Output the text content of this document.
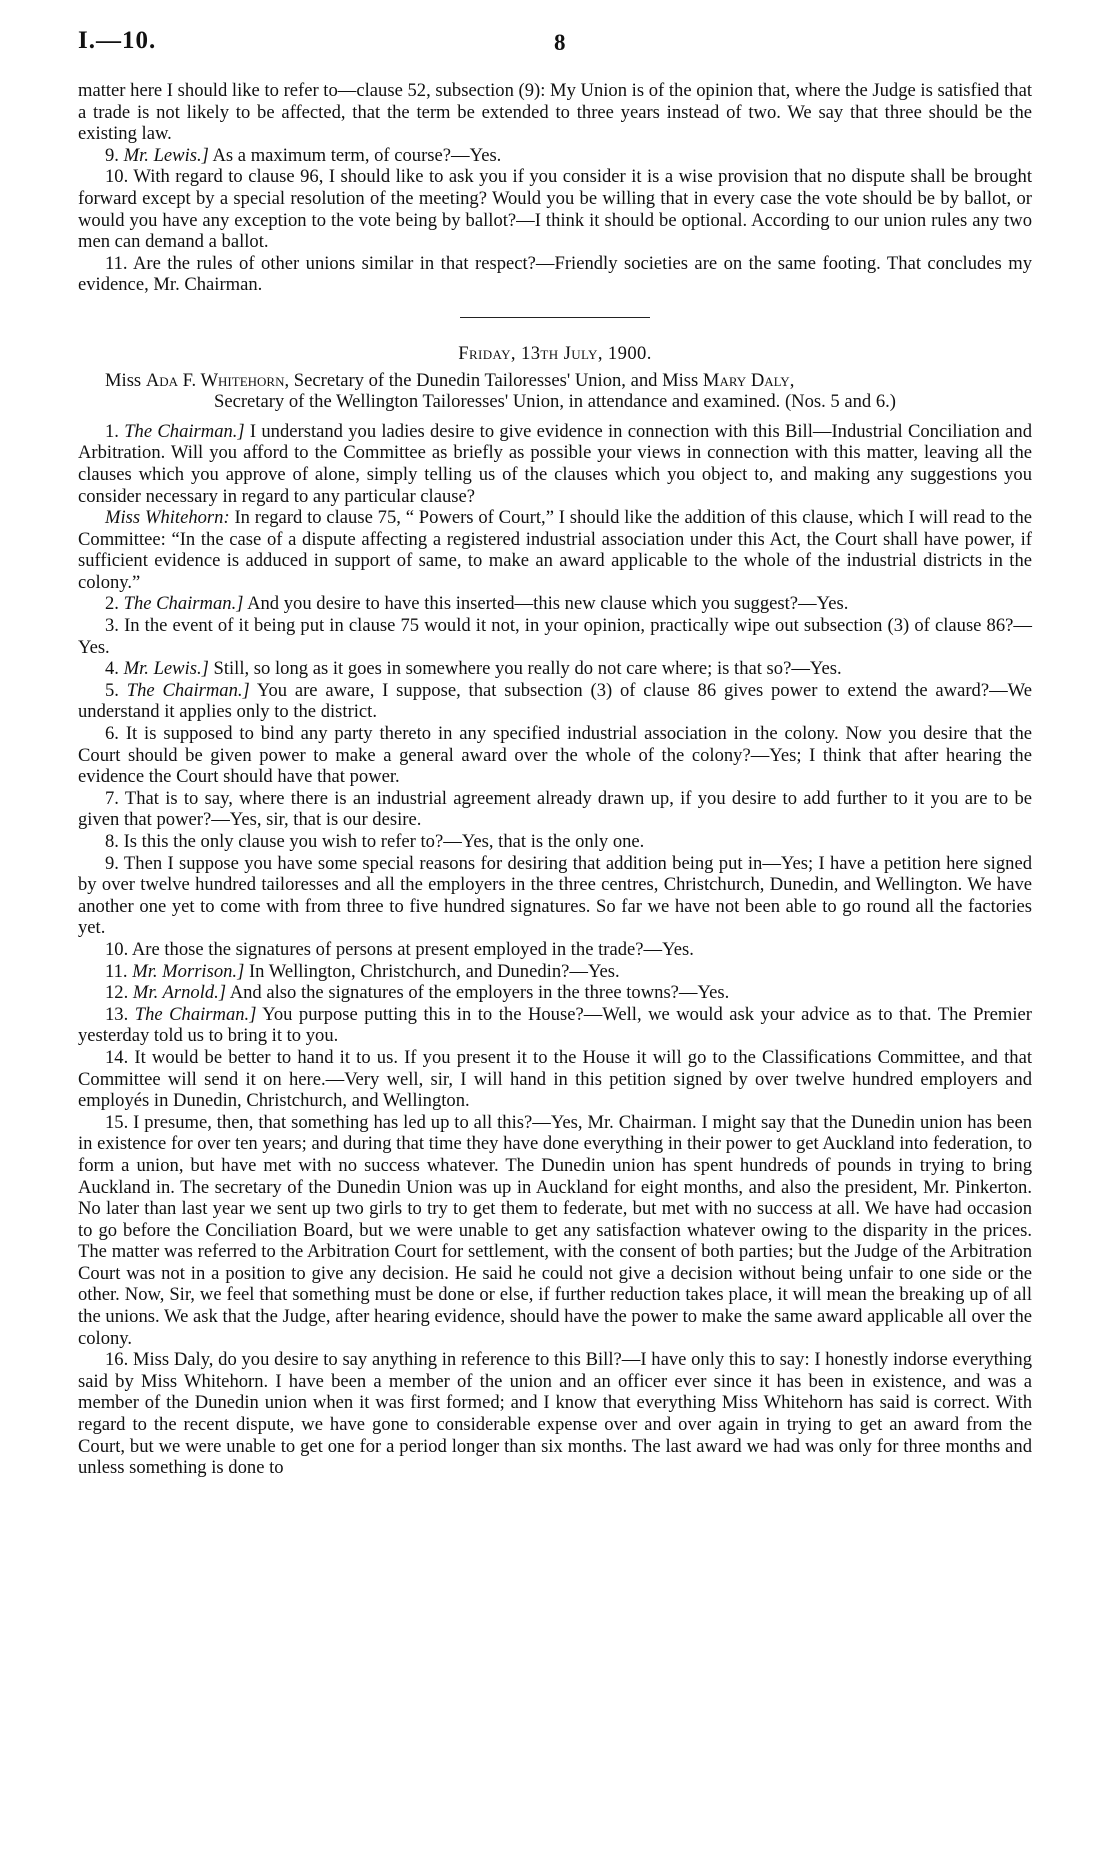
I.—10.	8

matter here I should like to refer to—clause 52, subsection (9): My Union is of the opinion that, where the Judge is satisfied that a trade is not likely to be affected, that the term be extended to three years instead of two. We say that three should be the existing law.

9. Mr. Lewis.] As a maximum term, of course?—Yes.

10. With regard to clause 96, I should like to ask you if you consider it is a wise provision that no dispute shall be brought forward except by a special resolution of the meeting? Would you be willing that in every case the vote should be by ballot, or would you have any exception to the vote being by ballot?—I think it should be optional. According to our union rules any two men can demand a ballot.

11. Are the rules of other unions similar in that respect?—Friendly societies are on the same footing. That concludes my evidence, Mr. Chairman.

Friday, 13th July, 1900.

Miss Ada F. Whitehorn, Secretary of the Dunedin Tailoresses' Union, and Miss Mary Daly,

Secretary of the Wellington Tailoresses' Union, in attendance and examined. (Nos. 5 and 6.)

1. The Chairman.] I understand you ladies desire to give evidence in connection with this Bill—Industrial Conciliation and Arbitration. Will you afford to the Committee as briefly as possible your views in connection with this matter, leaving all the clauses which you approve of alone, simply telling us of the clauses which you object to, and making any suggestions you consider necessary in regard to any particular clause?

Miss Whitehorn: In regard to clause 75, “ Powers of Court,” I should like the addition of this clause, which I will read to the Committee: “In the case of a dispute affecting a registered industrial association under this Act, the Court shall have power, if sufficient evidence is adduced in support of same, to make an award applicable to the whole of the industrial districts in the colony.”

2. The Chairman.] And you desire to have this inserted—this new clause which you suggest?—Yes.

3. In the event of it being put in clause 75 would it not, in your opinion, practically wipe out subsection (3) of clause 86?—Yes.

4. Mr. Lewis.] Still, so long as it goes in somewhere you really do not care where; is that so?—Yes.

5. The Chairman.] You are aware, I suppose, that subsection (3) of clause 86 gives power to extend the award?—We understand it applies only to the district.

6. It is supposed to bind any party thereto in any specified industrial association in the colony. Now you desire that the Court should be given power to make a general award over the whole of the colony?—Yes; I think that after hearing the evidence the Court should have that power.

7. That is to say, where there is an industrial agreement already drawn up, if you desire to add further to it you are to be given that power?—Yes, sir, that is our desire.

8. Is this the only clause you wish to refer to?—Yes, that is the only one.

9. Then I suppose you have some special reasons for desiring that addition being put in—Yes; I have a petition here signed by over twelve hundred tailoresses and all the employers in the three centres, Christchurch, Dunedin, and Wellington. We have another one yet to come with from three to five hundred signatures. So far we have not been able to go round all the factories yet.

10. Are those the signatures of persons at present employed in the trade?—Yes.

11. Mr. Morrison.] In Wellington, Christchurch, and Dunedin?—Yes.

12. Mr. Arnold.] And also the signatures of the employers in the three towns?—Yes.

13. The Chairman.] You purpose putting this in to the House?—Well, we would ask your advice as to that. The Premier yesterday told us to bring it to you.

14. It would be better to hand it to us. If you present it to the House it will go to the Classifications Committee, and that Committee will send it on here.—Very well, sir, I will hand in this petition signed by over twelve hundred employers and employés in Dunedin, Christchurch, and Wellington.

15. I presume, then, that something has led up to all this?—Yes, Mr. Chairman. I might say that the Dunedin union has been in existence for over ten years; and during that time they have done everything in their power to get Auckland into federation, to form a union, but have met with no success whatever. The Dunedin union has spent hundreds of pounds in trying to bring Auckland in. The secretary of the Dunedin Union was up in Auckland for eight months, and also the president, Mr. Pinkerton. No later than last year we sent up two girls to try to get them to federate, but met with no success at all. We have had occasion to go before the Conciliation Board, but we were unable to get any satisfaction whatever owing to the disparity in the prices. The matter was referred to the Arbitration Court for settlement, with the consent of both parties; but the Judge of the Arbitration Court was not in a position to give any decision. He said he could not give a decision without being unfair to one side or the other. Now, Sir, we feel that something must be done or else, if further reduction takes place, it will mean the breaking up of all the unions. We ask that the Judge, after hearing evidence, should have the power to make the same award applicable all over the colony.

16. Miss Daly, do you desire to say anything in reference to this Bill?—I have only this to say: I honestly indorse everything said by Miss Whitehorn. I have been a member of the union and an officer ever since it has been in existence, and was a member of the Dunedin union when it was first formed; and I know that everything Miss Whitehorn has said is correct. With regard to the recent dispute, we have gone to considerable expense over and over again in trying to get an award from the Court, but we were unable to get one for a period longer than six months. The last award we had was only for three months and unless something is done to
